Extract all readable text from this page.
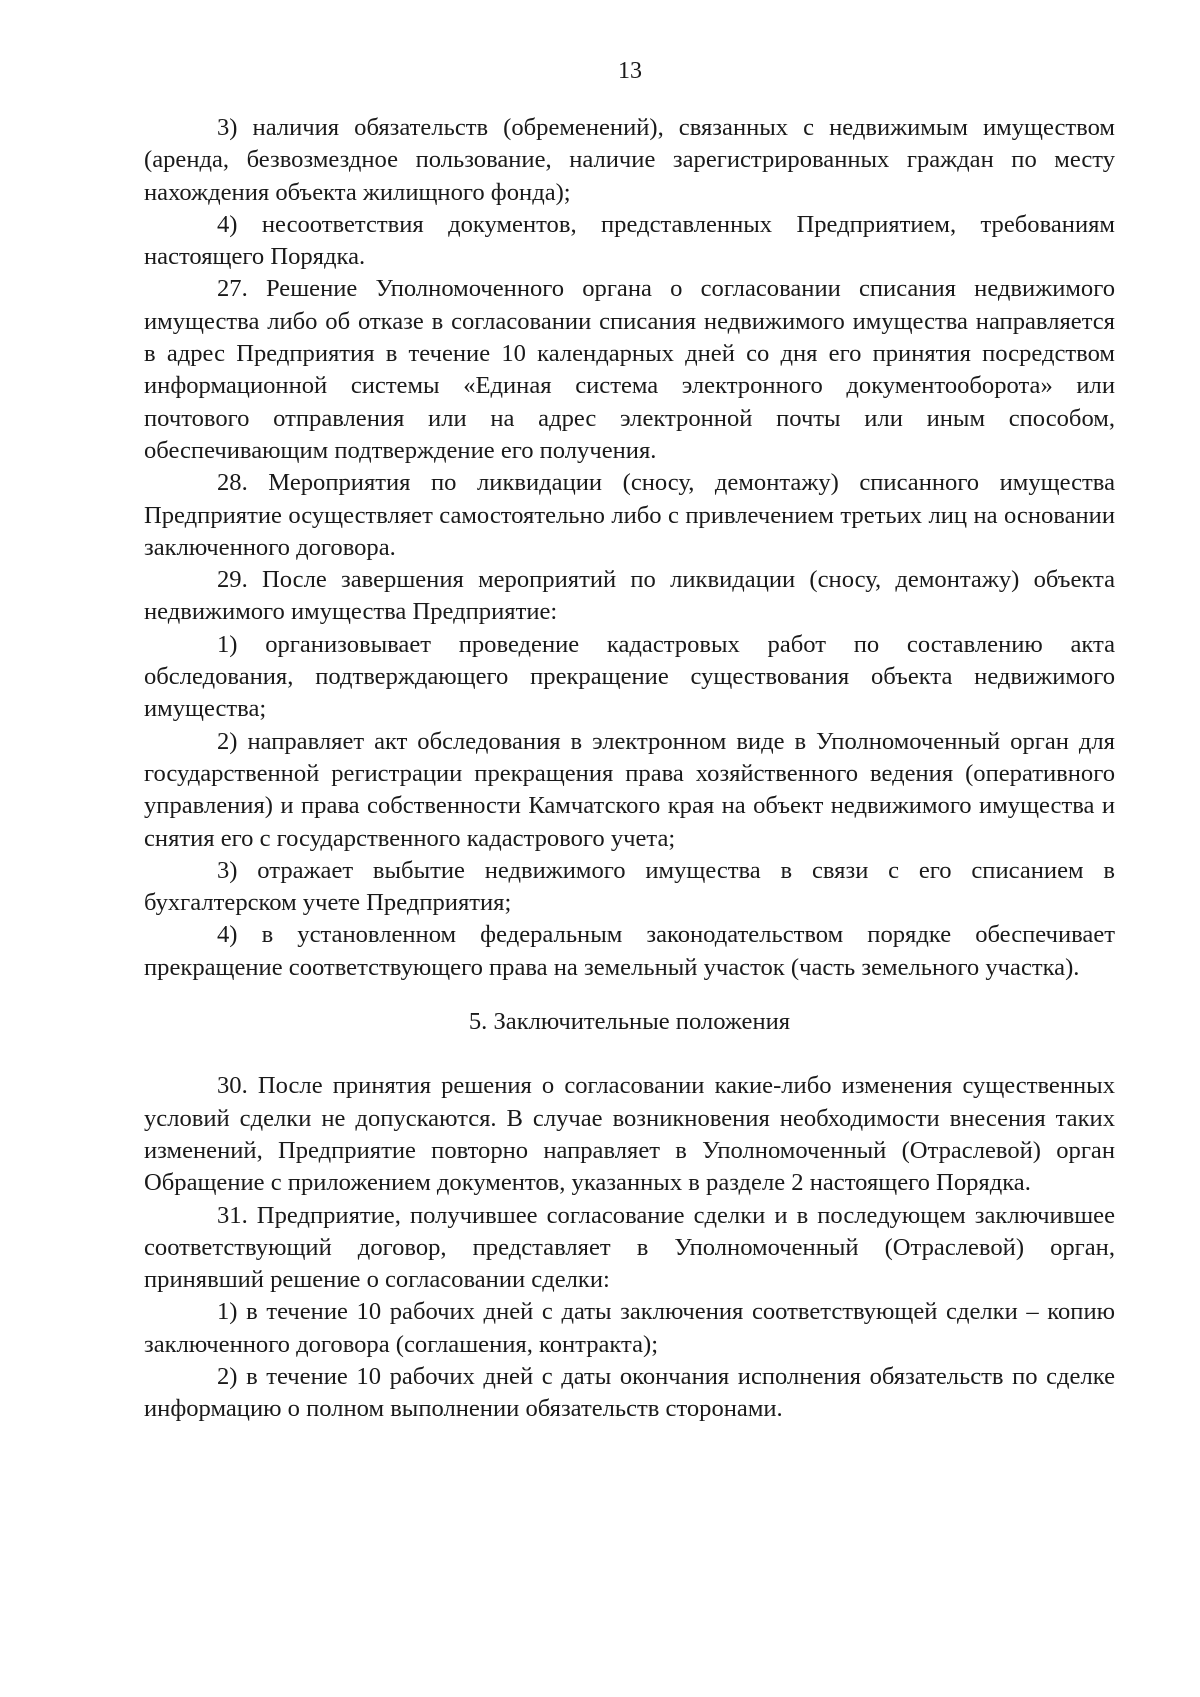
13

3) наличия обязательств (обременений), связанных с недвижимым имуществом (аренда, безвозмездное пользование, наличие зарегистрированных граждан по месту нахождения объекта жилищного фонда);

4) несоответствия документов, представленных Предприятием, требованиям настоящего Порядка.

27. Решение Уполномоченного органа о согласовании списания недвижимого имущества либо об отказе в согласовании списания недвижимого имущества направляется в адрес Предприятия в течение 10 календарных дней со дня его принятия посредством информационной системы «Единая система электронного документооборота» или почтового отправления или на адрес электронной почты или иным способом, обеспечивающим подтверждение его получения.

28. Мероприятия по ликвидации (сносу, демонтажу) списанного имущества Предприятие осуществляет самостоятельно либо с привлечением третьих лиц на основании заключенного договора.

29. После завершения мероприятий по ликвидации (сносу, демонтажу) объекта недвижимого имущества Предприятие:

1) организовывает проведение кадастровых работ по составлению акта обследования, подтверждающего прекращение существования объекта недвижимого имущества;

2) направляет акт обследования в электронном виде в Уполномоченный орган для государственной регистрации прекращения права хозяйственного ведения (оперативного управления) и права собственности Камчатского края на объект недвижимого имущества и снятия его с государственного кадастрового учета;

3) отражает выбытие недвижимого имущества в связи с его списанием в бухгалтерском учете Предприятия;

4) в установленном федеральным законодательством порядке обеспечивает прекращение соответствующего права на земельный участок (часть земельного участка).

5. Заключительные положения

30. После принятия решения о согласовании какие-либо изменения существенных условий сделки не допускаются. В случае возникновения необходимости внесения таких изменений, Предприятие повторно направляет в Уполномоченный (Отраслевой) орган Обращение с приложением документов, указанных в разделе 2 настоящего Порядка.

31. Предприятие, получившее согласование сделки и в последующем заключившее соответствующий договор, представляет в Уполномоченный (Отраслевой) орган, принявший решение о согласовании сделки:

1) в течение 10 рабочих дней с даты заключения соответствующей сделки – копию заключенного договора (соглашения, контракта);

2) в течение 10 рабочих дней с даты окончания исполнения обязательств по сделке информацию о полном выполнении обязательств сторонами.
